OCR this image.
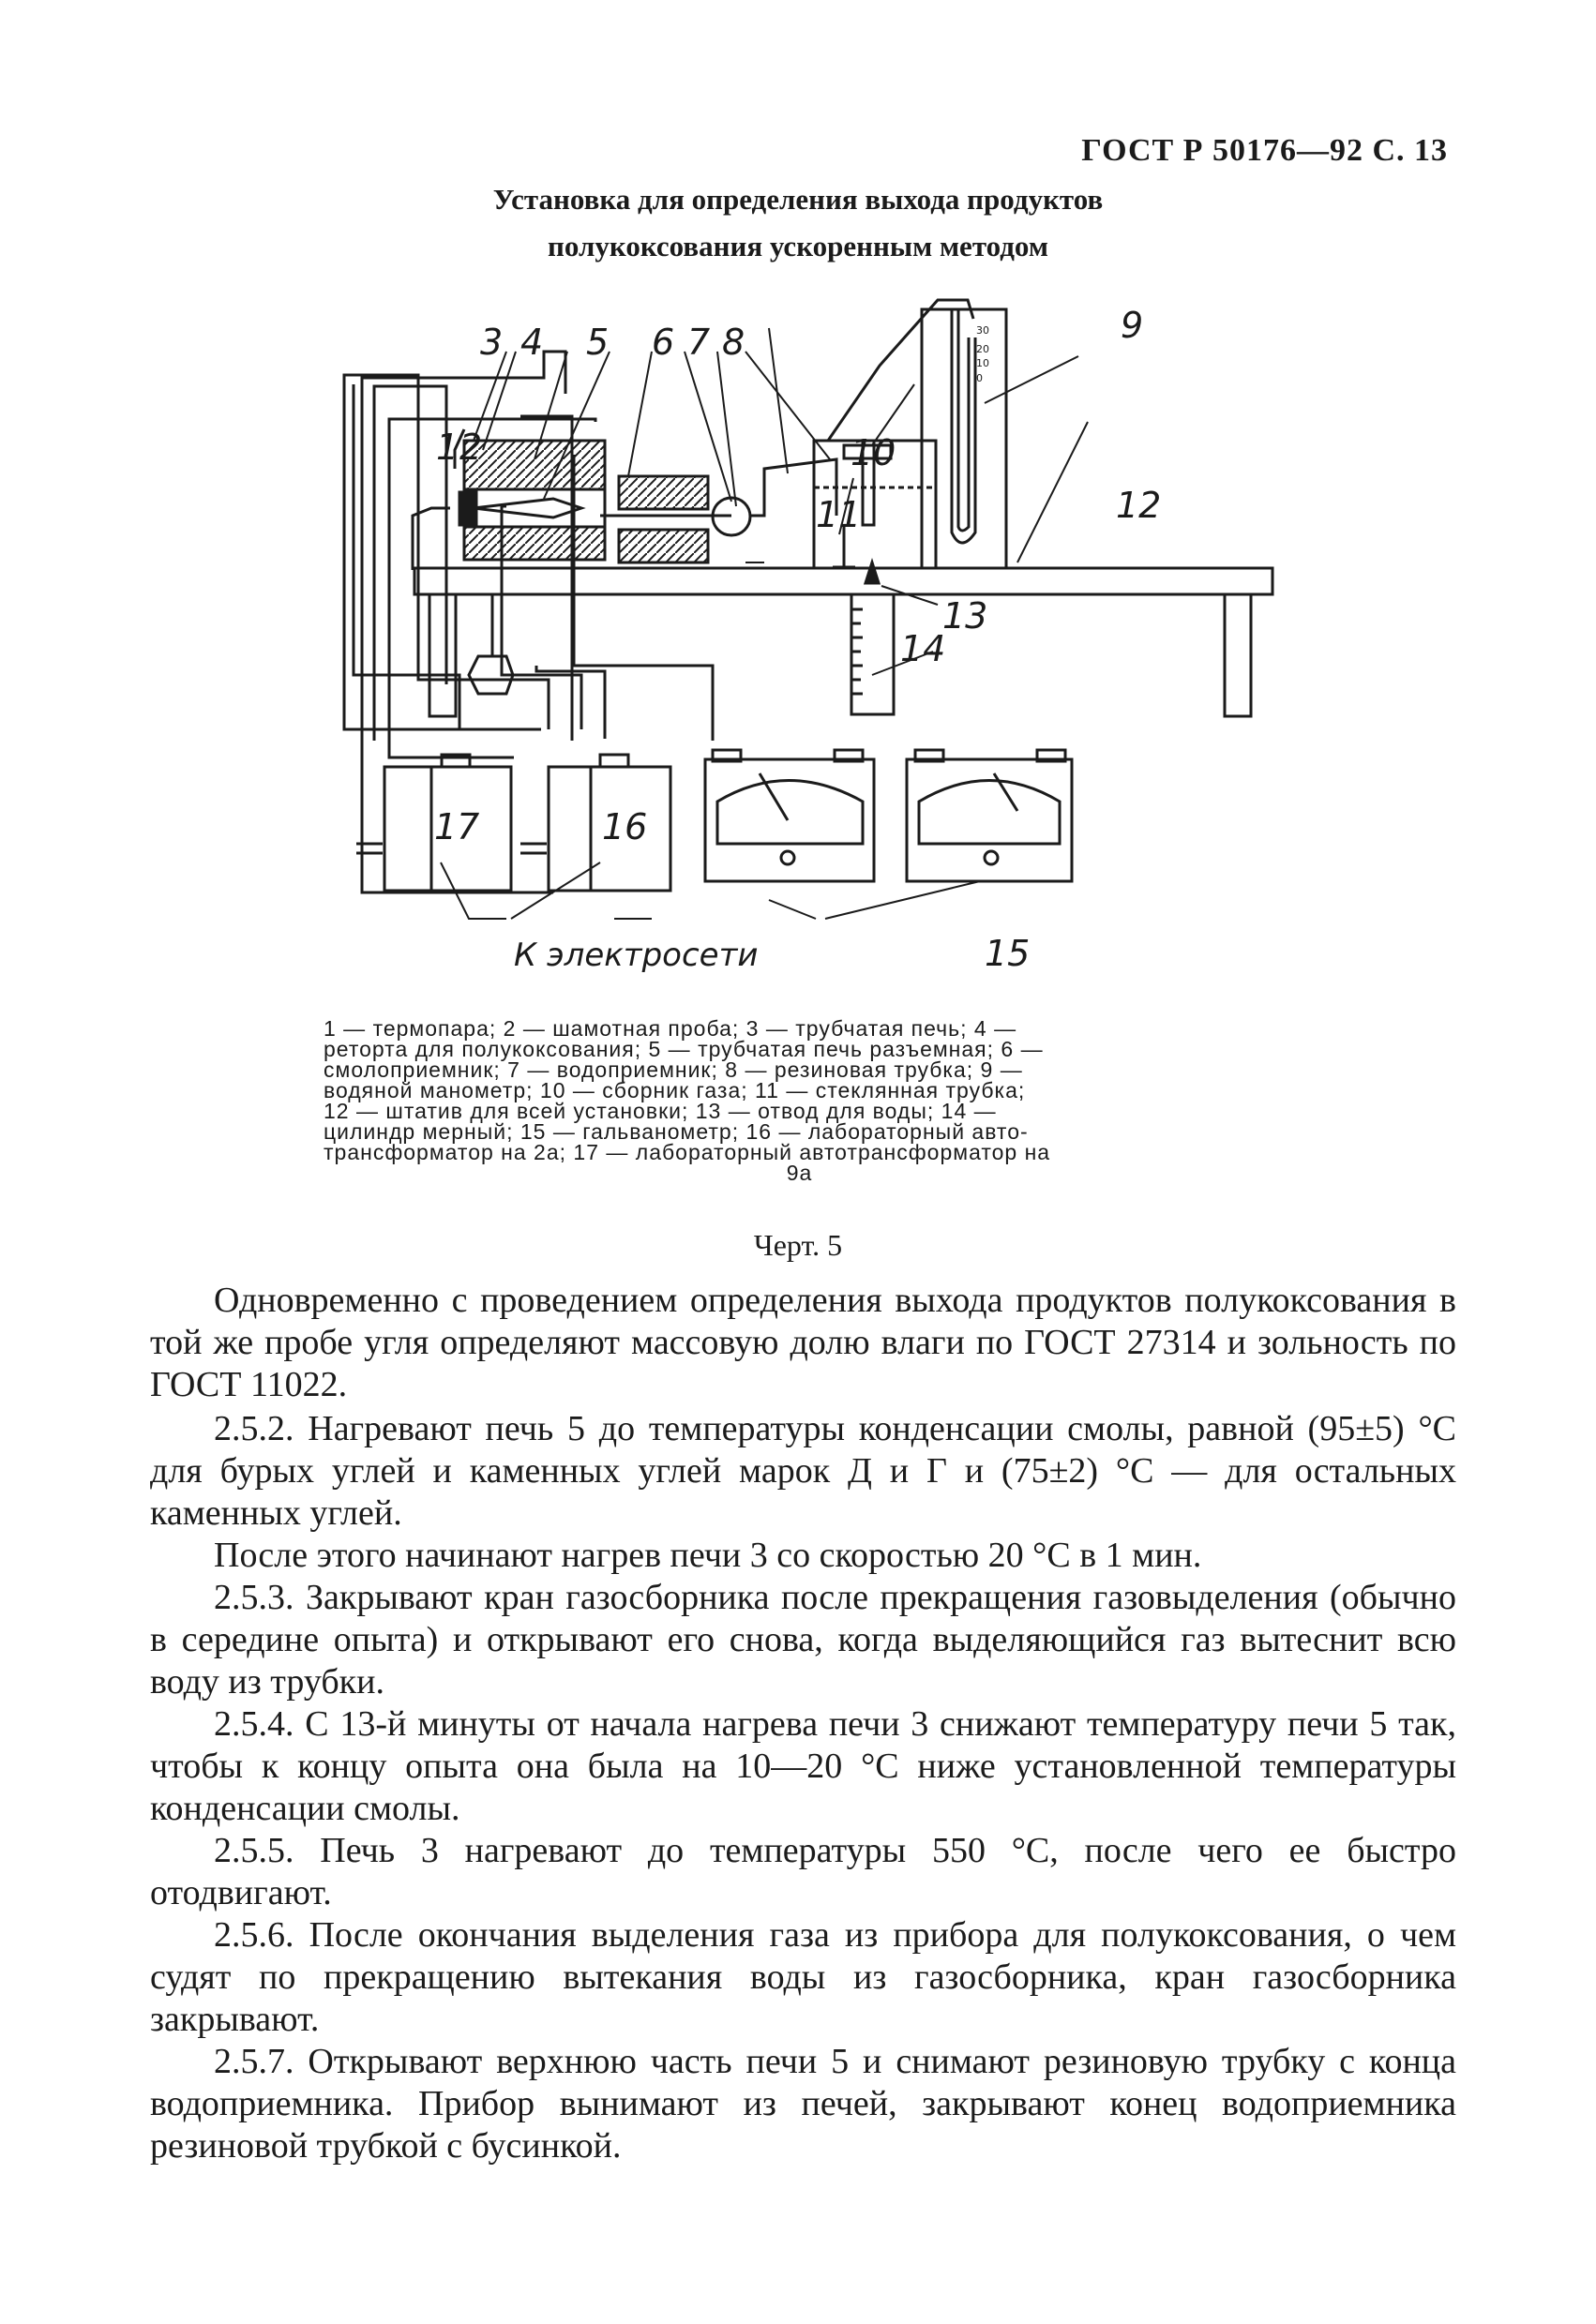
ГОСТ Р 50176—92 С. 13
Установка для определения выхода продуктов
полукоксования ускоренным методом
30
20
10
0
1 2
3 4 5 6 7 8	9
10
11	12
13
14
15
16
17
К электросети
1 — термопара; 2 — шамотная проба; 3 — трубчатая печь; 4 —
реторта для полукоксования; 5 — трубчатая печь разъемная; 6 —
смолоприемник; 7 — водоприемник; 8 — резиновая трубка; 9 —
водяной манометр; 10 — сборник газа; 11 — стеклянная трубка;
12 — штатив для всей установки; 13 — отвод для воды; 14 —
цилиндр мерный; 15 — гальванометр; 16 — лабораторный авто-
трансформатор на 2а; 17 — лабораторный автотрансформатор на
9а
Черт. 5

Одновременно с проведением определения выхода продуктов полукоксования в той же пробе угля определяют массовую долю влаги по ГОСТ 27314 и зольность по ГОСТ 11022.

2.5.2. Нагревают печь 5 до температуры конденсации смолы, равной (95±5) °С для бурых углей и каменных углей марок Д и Г и (75±2) °С — для остальных каменных углей.

После этого начинают нагрев печи 3 со скоростью 20 °С в 1 мин.

2.5.3. Закрывают кран газосборника после прекращения газовыделения (обычно в середине опыта) и открывают его снова, когда выделяющийся газ вытеснит всю воду из трубки.

2.5.4. С 13-й минуты от начала нагрева печи 3 снижают температуру печи 5 так, чтобы к концу опыта она была на 10—20 °С ниже установленной температуры конденсации смолы.

2.5.5. Печь 3 нагревают до температуры 550 °С, после чего ее быстро отодвигают.

2.5.6. После окончания выделения газа из прибора для полукоксования, о чем судят по прекращению вытекания воды из газосборника, кран газосборника закрывают.

2.5.7. Открывают верхнюю часть печи 5 и снимают резиновую трубку с конца водоприемника. Прибор вынимают из печей, закрывают конец водоприемника резиновой трубкой с бусинкой.
